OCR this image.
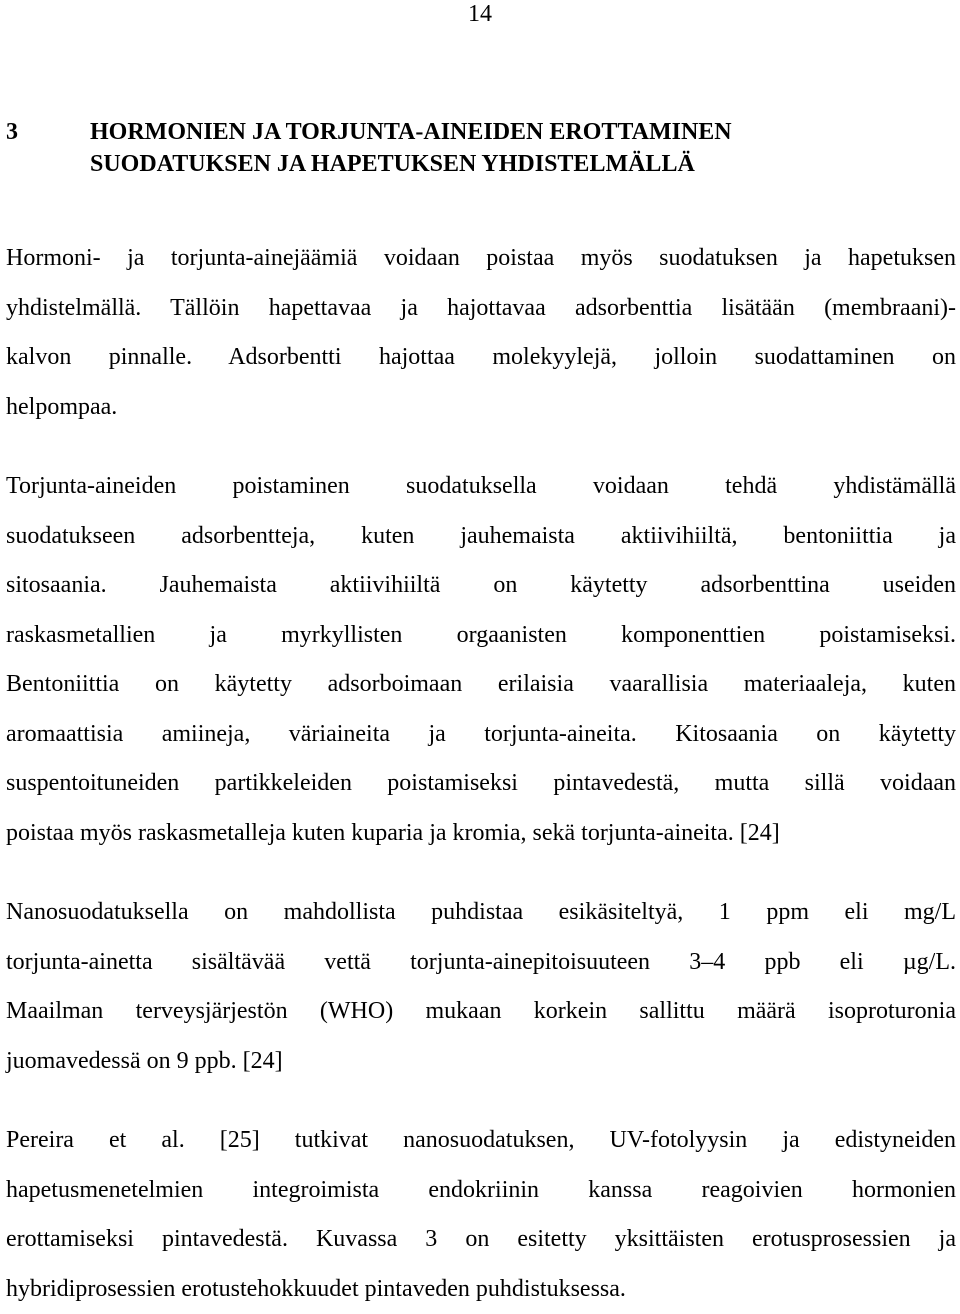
14
3	HORMONIEN JA TORJUNTA-AINEIDEN EROTTAMINEN
SUODATUKSEN JA HAPETUKSEN YHDISTELMÄLLÄ
Hormoni- ja torjunta-ainejäämiä voidaan poistaa myös suodatuksen ja hapetuksen
yhdistelmällä. Tällöin hapettavaa ja hajottavaa adsorbenttia lisätään (membraani)-
kalvon pinnalle. Adsorbentti hajottaa molekyylejä, jolloin suodattaminen on
helpompaa.
Torjunta-aineiden poistaminen suodatuksella voidaan tehdä yhdistämällä
suodatukseen adsorbentteja, kuten jauhemaista aktiivihiiltä, bentoniittia ja
sitosaania. Jauhemaista aktiivihiiltä on käytetty adsorbenttina useiden
raskasmetallien ja myrkyllisten orgaanisten komponenttien poistamiseksi.
Bentoniittia on käytetty adsorboimaan erilaisia vaarallisia materiaaleja, kuten
aromaattisia amiineja, väriaineita ja torjunta-aineita. Kitosaania on käytetty
suspentoituneiden partikkeleiden poistamiseksi pintavedestä, mutta sillä voidaan
poistaa myös raskasmetalleja kuten kuparia ja kromia, sekä torjunta-aineita. [24]
Nanosuodatuksella on mahdollista puhdistaa esikäsiteltyä, 1 ppm eli mg/L
torjunta-ainetta sisältävää vettä torjunta-ainepitoisuuteen 3–4 ppb eli µg/L.
Maailman terveysjärjestön (WHO) mukaan korkein sallittu määrä isoproturonia
juomavedessä on 9 ppb. [24]
Pereira et al. [25] tutkivat nanosuodatuksen, UV-fotolyysin ja edistyneiden
hapetusmenetelmien integroimista endokriinin kanssa reagoivien hormonien
erottamiseksi pintavedestä. Kuvassa 3 on esitetty yksittäisten erotusprosessien ja
hybridiprosessien erotustehokkuudet pintaveden puhdistuksessa.
